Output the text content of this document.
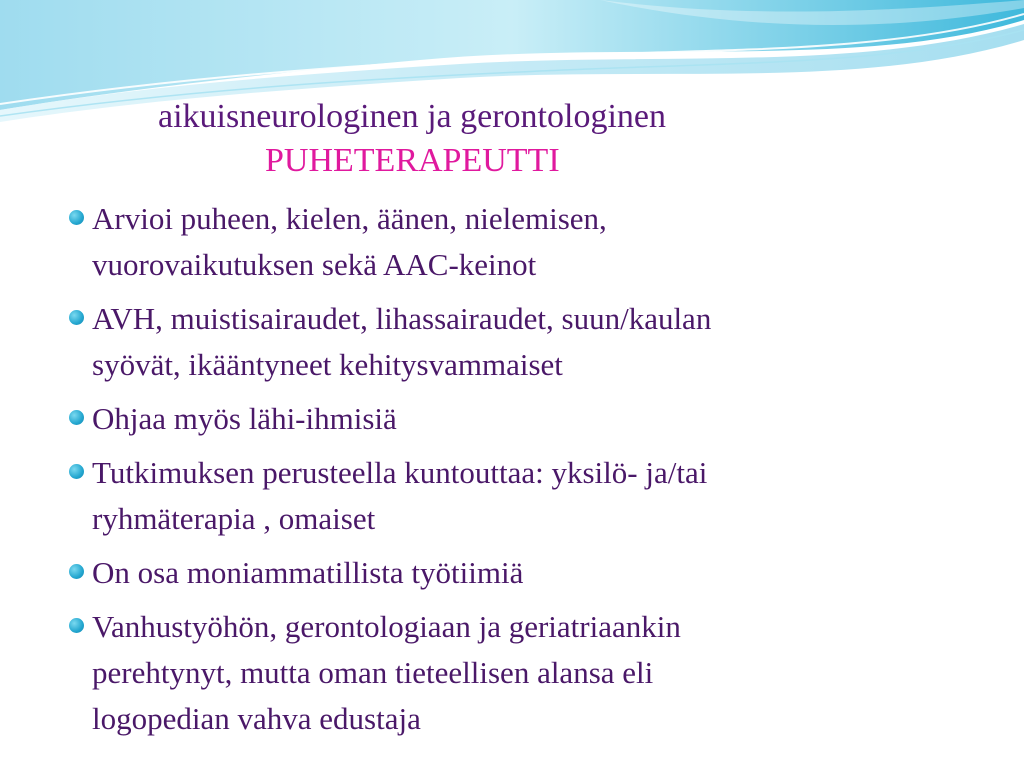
aikuisneurologinen ja gerontologinen
PUHETERAPEUTTI
Arvioi puheen, kielen, äänen, nielemisen,
vuorovaikutuksen sekä AAC-keinot
AVH, muistisairaudet, lihassairaudet, suun/kaulan
syövät, ikääntyneet kehitysvammaiset
Ohjaa myös lähi-ihmisiä
Tutkimuksen perusteella kuntouttaa: yksilö- ja/tai
ryhmäterapia , omaiset
On osa moniammatillista työtiimiä
Vanhustyöhön, gerontologiaan ja geriatriaankin
perehtynyt, mutta oman tieteellisen alansa eli
logopedian vahva edustaja
